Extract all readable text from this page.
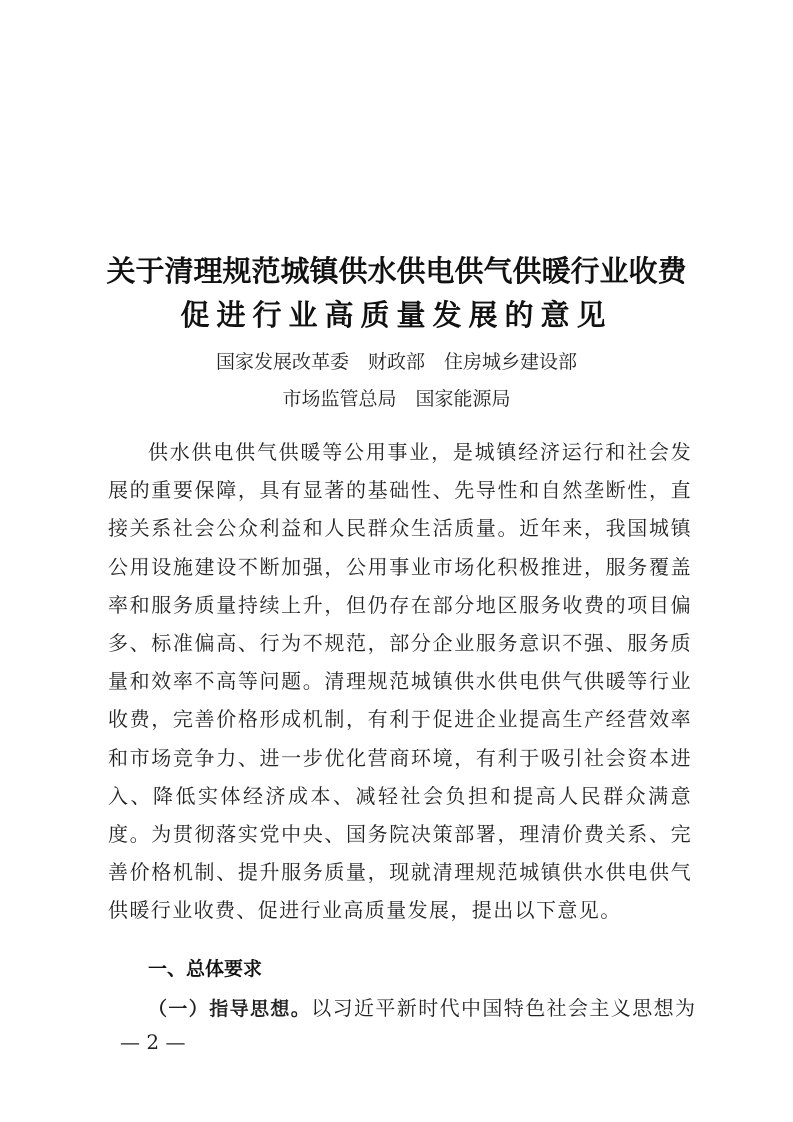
关于清理规范城镇供水供电供气供暖行业收费
促进行业高质量发展的意见
国家发展改革委　财政部　住房城乡建设部
市场监管总局　国家能源局

供水供电供气供暖等公用事业，是城镇经济运行和社会发展的重要保障，具有显著的基础性、先导性和自然垄断性，直接关系社会公众利益和人民群众生活质量。近年来，我国城镇公用设施建设不断加强，公用事业市场化积极推进，服务覆盖率和服务质量持续上升，但仍存在部分地区服务收费的项目偏多、标准偏高、行为不规范，部分企业服务意识不强、服务质量和效率不高等问题。清理规范城镇供水供电供气供暖等行业收费，完善价格形成机制，有利于促进企业提高生产经营效率和市场竞争力、进一步优化营商环境，有利于吸引社会资本进入、降低实体经济成本、减轻社会负担和提高人民群众满意度。为贯彻落实党中央、国务院决策部署，理清价费关系、完善价格机制、提升服务质量，现就清理规范城镇供水供电供气供暖行业收费、促进行业高质量发展，提出以下意见。

一、总体要求
（一）指导思想。以习近平新时代中国特色社会主义思想为
— 2 —
